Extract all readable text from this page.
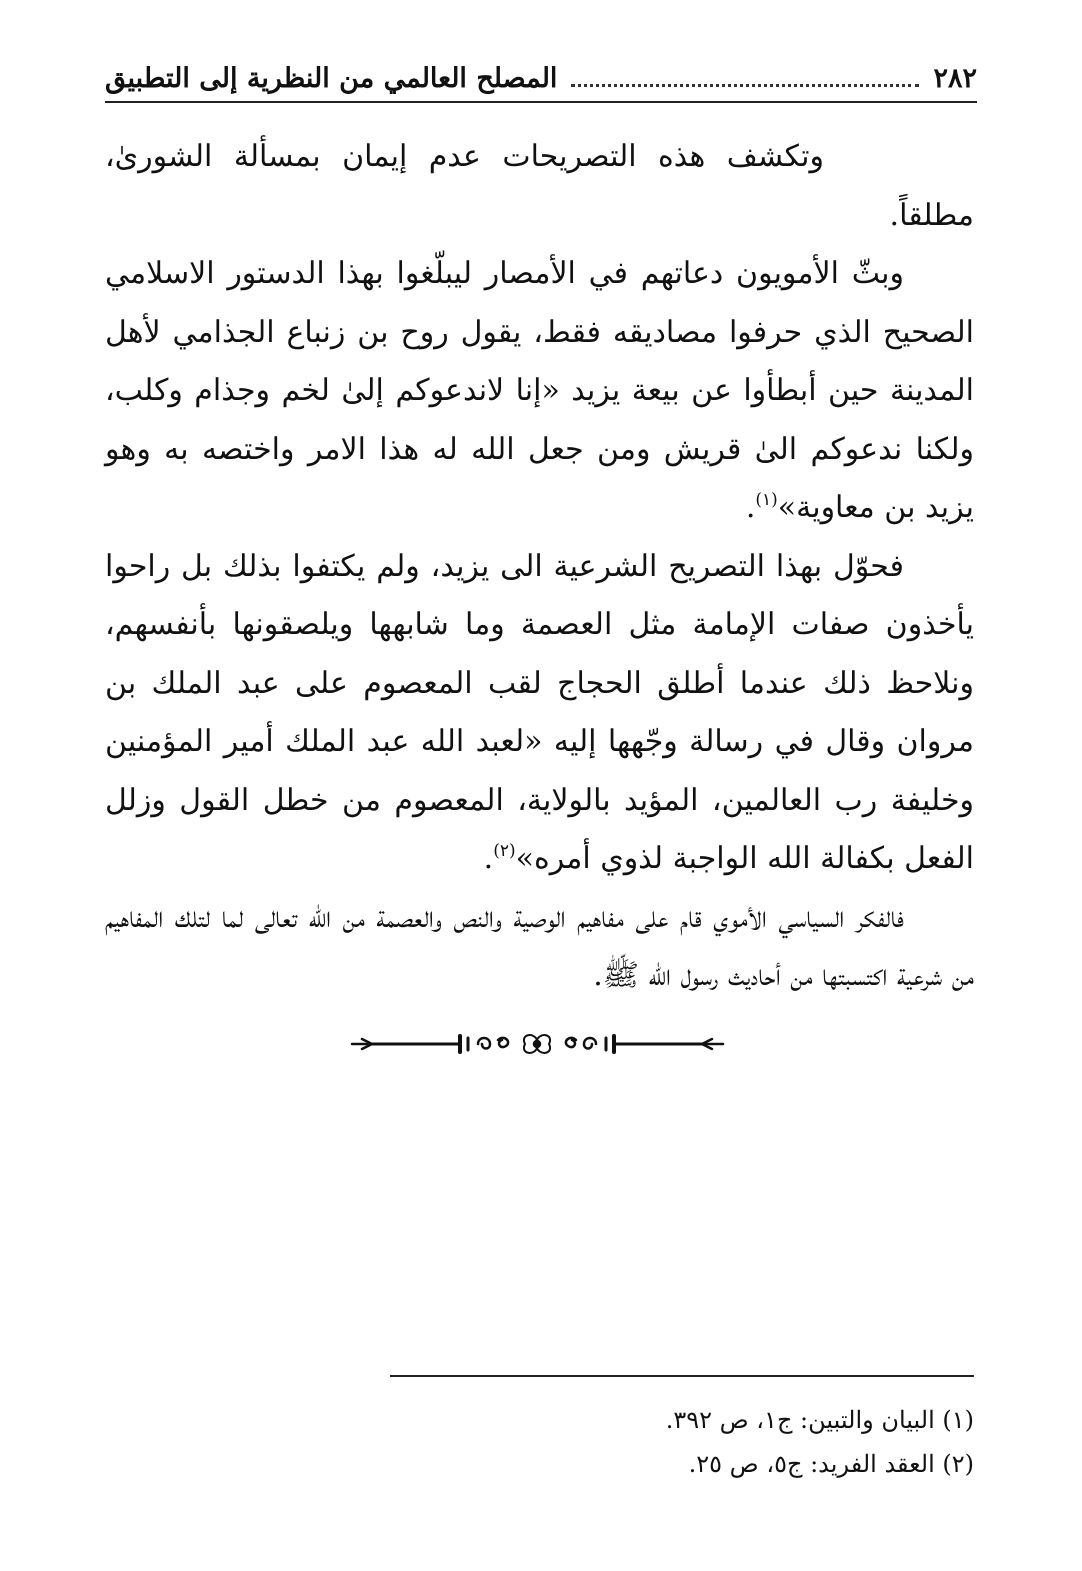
٢٨٢
المصلح العالمي من النظرية إلى التطبيق

وتكشف هذه التصريحات عدم إيمان بمسألة الشورىٰ، مطلقاً.

وبثّ الأمويون دعاتهم في الأمصار ليبلّغوا بهذا الدستور الاسلامي الصحيح الذي حرفوا مصاديقه فقط، يقول روح بن زنباع الجذامي لأهل المدينة حين أبطأوا عن بيعة يزيد «إنا لاندعوكم إلىٰ لخم وجذام وكلب، ولكنا ندعوكم الىٰ قريش ومن جعل الله له هذا الامر واختصه به وهو يزيد بن معاوية»$^{(١)}$.

فحوّل بهذا التصريح الشرعية الى يزيد، ولم يكتفوا بذلك بل راحوا يأخذون صفات الإمامة مثل العصمة وما شابهها ويلصقونها بأنفسهم، ونلاحظ ذلك عندما أطلق الحجاج لقب المعصوم على عبد الملك بن مروان وقال في رسالة وجّهها إليه «لعبد الله عبد الملك أمير المؤمنين وخليفة رب العالمين، المؤيد بالولاية، المعصوم من خطل القول وزلل الفعل بكفالة الله الواجبة لذوي أمره»$^{(٢)}$.

فالفكر السياسي الأموي قام على مفاهيم الوصية والنص والعصمة من الله تعالى لما لتلك المفاهيم من شرعية اكتسبتها من أحاديث رسول الله ﷺ.

(١) البيان والتبين: ج١، ص ٣٩٢.

(٢) العقد الفريد: ج٥، ص ٢٥.
